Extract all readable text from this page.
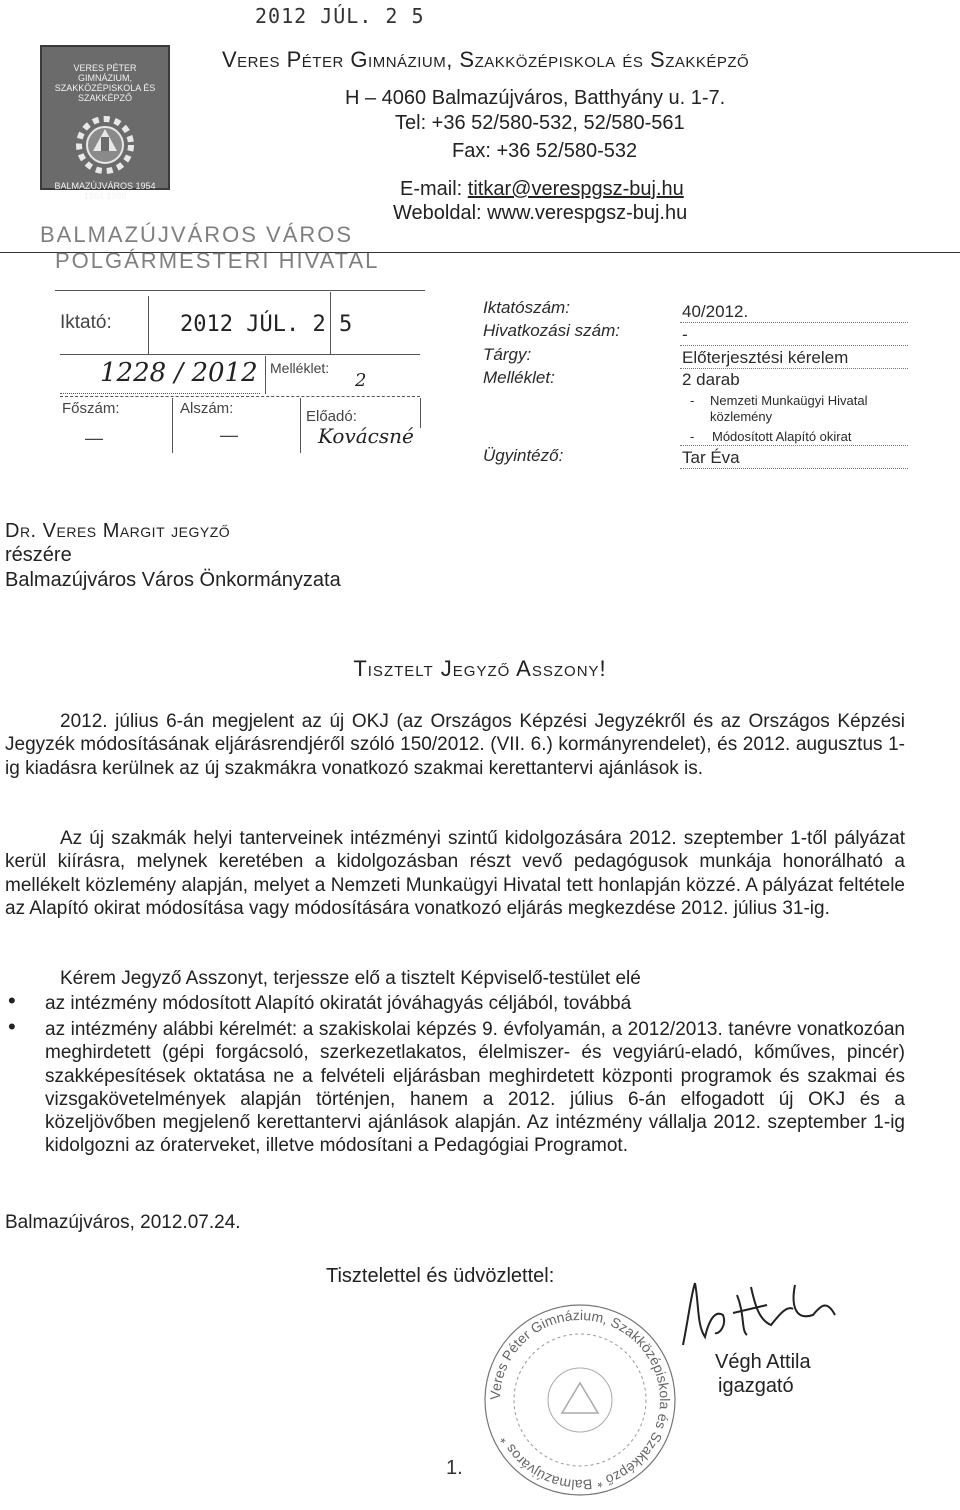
2012 JÚL. 2 5
VERES PÉTER GIMNÁZIUM, SZAKKÖZÉPISKOLA ÉS SZAKKÉPZŐ
BALMAZÚJVÁROS 1954 1964 1998
Veres Péter Gimnázium, Szakközépiskola és Szakképző
H – 4060 Balmazújváros, Batthyány u. 1-7.
Tel: +36 52/580-532, 52/580-561
Fax: +36 52/580-532
E-mail: titkar@verespgsz-buj.hu
Weboldal: www.verespgsz-buj.hu
BALMAZÚJVÁROS VÁROS
POLGÁRMESTERI HIVATAL
Iktató:	2012 JÚL. 2 5
1228 / 2012 Melléklet:
2
Főszám:	Alszám:	Előadó:
—	—	Kovácsné
Iktatószám:	40/2012.
Hivatkozási szám:	-
Tárgy:	Előterjesztési kérelem
Melléklet:	2 darab
- Nemzeti Munkaügyi Hivatal közlemény
- Módosított Alapító okirat
Ügyintéző:	Tar Éva
Dr. Veres Margit jegyző
részére
Balmazújváros Város Önkormányzata
Tisztelt Jegyző Asszony!

2012. július 6-án megjelent az új OKJ (az Országos Képzési Jegyzékről és az Országos Képzési Jegyzék módosításának eljárásrendjéről szóló 150/2012. (VII. 6.) kormányrendelet), és 2012. augusztus 1-ig kiadásra kerülnek az új szakmákra vonatkozó szakmai kerettantervi ajánlások is.

Az új szakmák helyi tanterveinek intézményi szintű kidolgozására 2012. szeptember 1-től pályázat kerül kiírásra, melynek keretében a kidolgozásban részt vevő pedagógusok munkája honorálható a mellékelt közlemény alapján, melyet a Nemzeti Munkaügyi Hivatal tett honlapján közzé. A pályázat feltétele az Alapító okirat módosítása vagy módosítására vonatkozó eljárás megkezdése 2012. július 31-ig.

Kérem Jegyző Asszonyt, terjessze elő a tisztelt Képviselő-testület elé

• az intézmény módosított Alapító okiratát jóváhagyás céljából, továbbá

• az intézmény alábbi kérelmét: a szakiskolai képzés 9. évfolyamán, a 2012/2013. tanévre vonatkozóan meghirdetett (gépi forgácsoló, szerkezetlakatos, élelmiszer- és vegyiárú-eladó, kőműves, pincér) szakképesítések oktatása ne a felvételi eljárásban meghirdetett központi programok és szakmai és vizsgakövetelmények alapján történjen, hanem a 2012. július 6-án elfogadott új OKJ és a közeljövőben megjelenő kerettantervi ajánlások alapján. Az intézmény vállalja 2012. szeptember 1-ig kidolgozni az óraterveket, illetve módosítani a Pedagógiai Programot.

Balmazújváros, 2012.07.24.
Tisztelettel és üdvözlettel:
Veres Péter Gimnázium, Szakközépiskola és Szakképző * Balmazújváros *
Végh Attila
igazgató
1.
